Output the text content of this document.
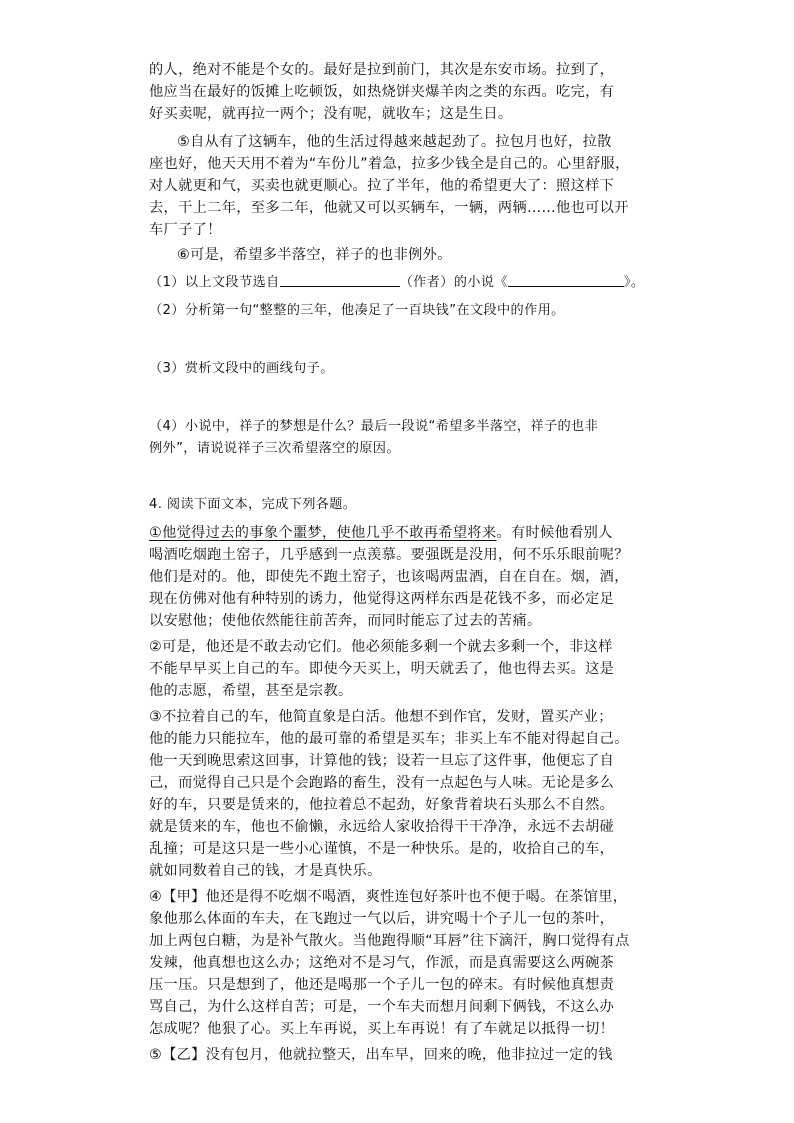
的人，绝对不能是个女的。最好是拉到前门，其次是东安市场。拉到了，
他应当在最好的饭摊上吃顿饭，如热烧饼夹爆羊肉之类的东西。吃完，有
好买卖呢，就再拉一两个；没有呢，就收车；这是生日。
⑤自从有了这辆车，他的生活过得越来越起劲了。拉包月也好，拉散
座也好，他天天用不着为“车份儿”着急，拉多少钱全是自己的。心里舒服，
对人就更和气，买卖也就更顺心。拉了半年，他的希望更大了：照这样下
去，干上二年，至多二年，他就又可以买辆车，一辆，两辆……他也可以开
车厂子了！
⑥可是，希望多半落空，祥子的也非例外。
（1）以上文段节选自	（作者）的小说《	》。
（2）分析第一句“整整的三年，他凑足了一百块钱”在文段中的作用。
（3）赏析文段中的画线句子。
（4）小说中，祥子的梦想是什么？最后一段说“希望多半落空，祥子的也非
例外”，请说说祥子三次希望落空的原因。
4. 阅读下面文本，完成下列各题。
①他觉得过去的事象个噩梦，使他几乎不敢再希望将来。有时候他看别人
喝酒吃烟跑土窑子，几乎感到一点羡慕。要强既是没用，何不乐乐眼前呢？
他们是对的。他，即使先不跑土窑子，也该喝两盅酒，自在自在。烟，酒，
现在仿佛对他有种特别的诱力，他觉得这两样东西是花钱不多，而必定足
以安慰他；使他依然能往前苦奔，而同时能忘了过去的苦痛。
②可是，他还是不敢去动它们。他必须能多剩一个就去多剩一个，非这样
不能早早买上自己的车。即使今天买上，明天就丢了，他也得去买。这是
他的志愿，希望，甚至是宗教。
③不拉着自己的车，他简直象是白活。他想不到作官，发财，置买产业；
他的能力只能拉车，他的最可靠的希望是买车；非买上车不能对得起自己。
他一天到晚思索这回事，计算他的钱；设若一旦忘了这件事，他便忘了自
己，而觉得自己只是个会跑路的畜生，没有一点起色与人味。无论是多么
好的车，只要是赁来的，他拉着总不起劲，好象背着块石头那么不自然。
就是赁来的车，他也不偷懒，永远给人家收拾得干干净净，永远不去胡碰
乱撞；可是这只是一些小心谨慎，不是一种快乐。是的，收拾自己的车，
就如同数着自己的钱，才是真快乐。
④【甲】他还是得不吃烟不喝酒，爽性连包好茶叶也不便于喝。在茶馆里，
象他那么体面的车夫，在飞跑过一气以后，讲究喝十个子儿一包的茶叶，
加上两包白糖，为是补气散火。当他跑得顺“耳唇”往下滴汗，胸口觉得有点
发辣，他真想也这么办；这绝对不是习气，作派，而是真需要这么两碗茶
压一压。只是想到了，他还是喝那一个子儿一包的碎末。有时候他真想责
骂自己，为什么这样自苦；可是，一个车夫而想月间剩下俩钱，不这么办
怎成呢？他狠了心。买上车再说，买上车再说！有了车就足以抵得一切！
⑤【乙】没有包月，他就拉整天，出车早，回来的晚，他非拉过一定的钱
